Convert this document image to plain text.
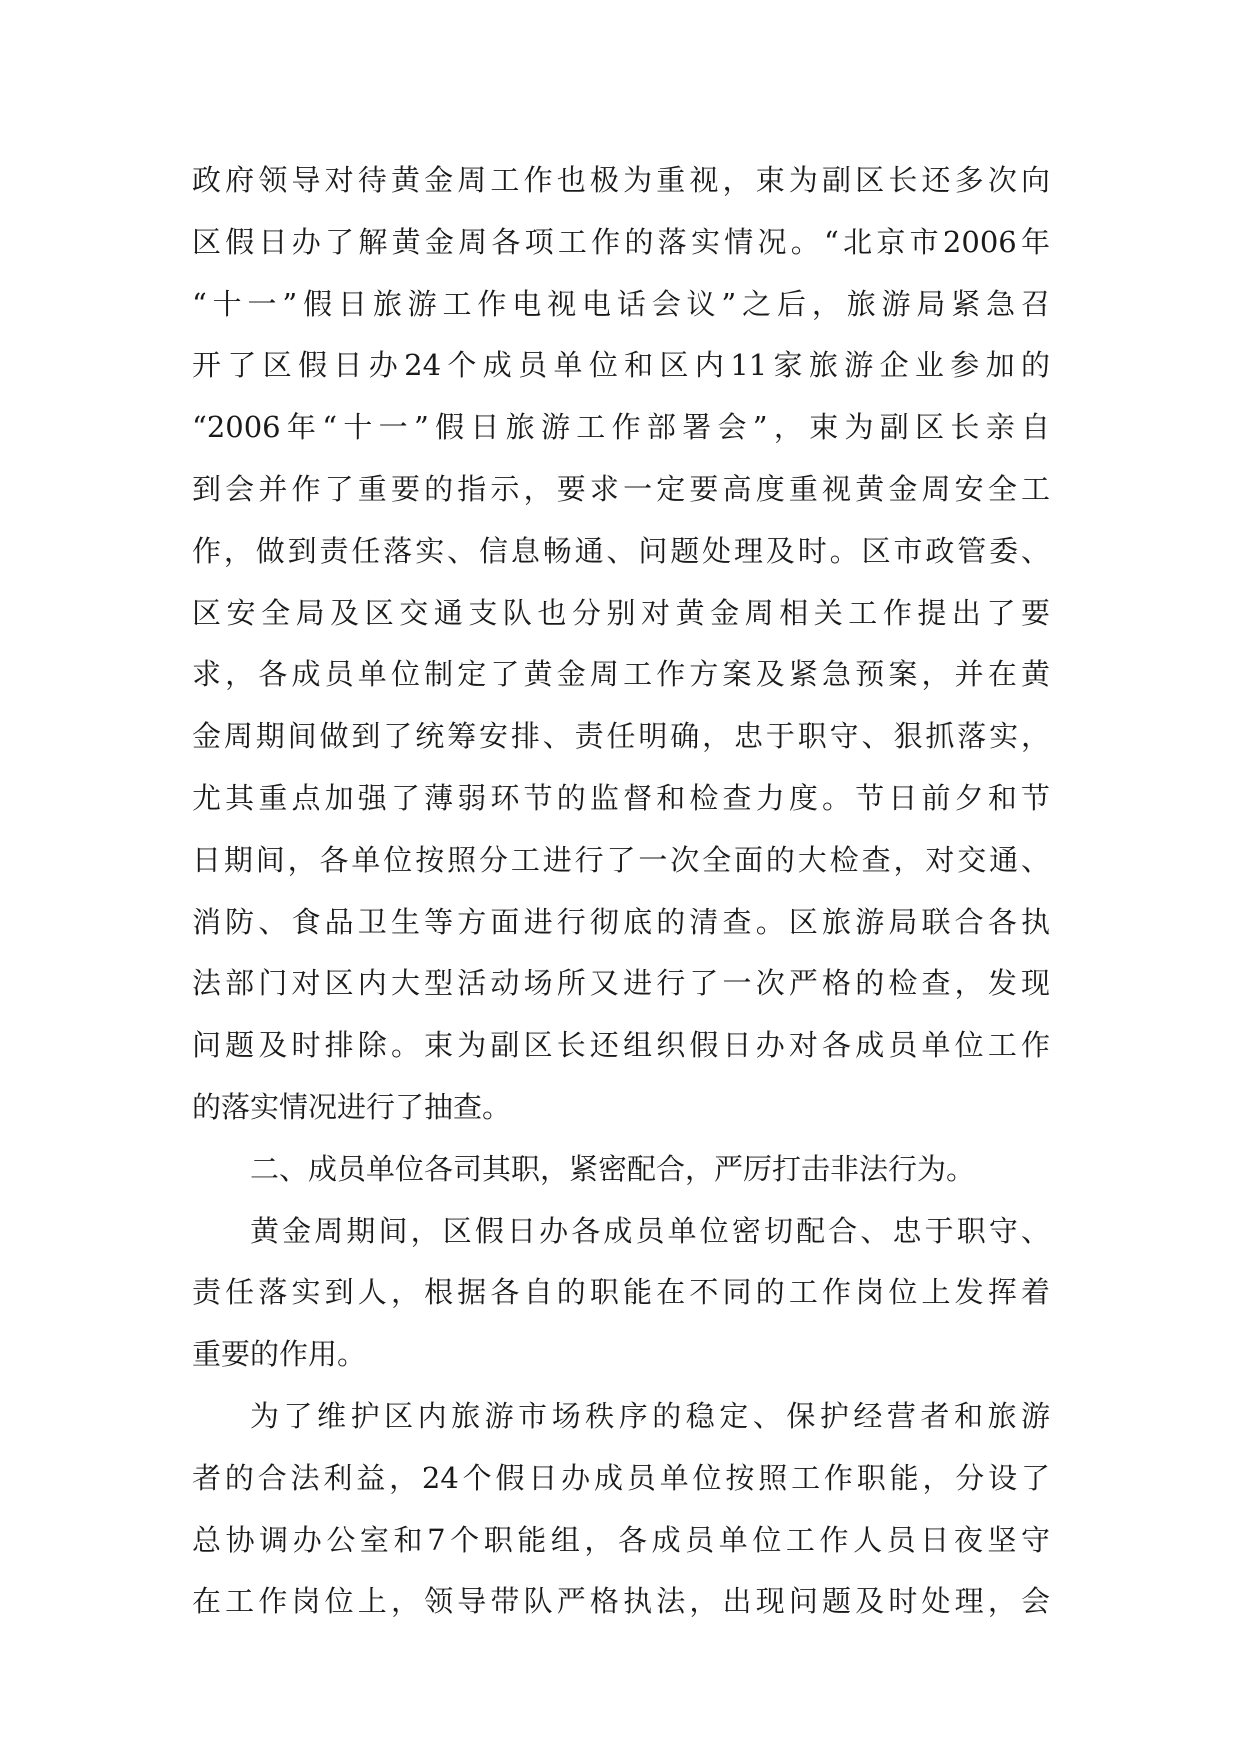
政府领导对待黄金周工作也极为重视，束为副区长还多次向
区假日办了解黄金周各项工作的落实情况。“北京市2006年
“十一”假日旅游工作电视电话会议”之后，旅游局紧急召
开了区假日办24个成员单位和区内11家旅游企业参加的
“2006年“十一”假日旅游工作部署会”，束为副区长亲自
到会并作了重要的指示，要求一定要高度重视黄金周安全工
作，做到责任落实、信息畅通、问题处理及时。区市政管委、
区安全局及区交通支队也分别对黄金周相关工作提出了要
求，各成员单位制定了黄金周工作方案及紧急预案，并在黄
金周期间做到了统筹安排、责任明确，忠于职守、狠抓落实，
尤其重点加强了薄弱环节的监督和检查力度。节日前夕和节
日期间，各单位按照分工进行了一次全面的大检查，对交通、
消防、食品卫生等方面进行彻底的清查。区旅游局联合各执
法部门对区内大型活动场所又进行了一次严格的检查，发现
问题及时排除。束为副区长还组织假日办对各成员单位工作
的落实情况进行了抽查。
二、成员单位各司其职，紧密配合，严厉打击非法行为。
黄金周期间，区假日办各成员单位密切配合、忠于职守、
责任落实到人，根据各自的职能在不同的工作岗位上发挥着
重要的作用。
为了维护区内旅游市场秩序的稳定、保护经营者和旅游
者的合法利益，24个假日办成员单位按照工作职能，分设了
总协调办公室和7个职能组，各成员单位工作人员日夜坚守
在工作岗位上，领导带队严格执法，出现问题及时处理，会
